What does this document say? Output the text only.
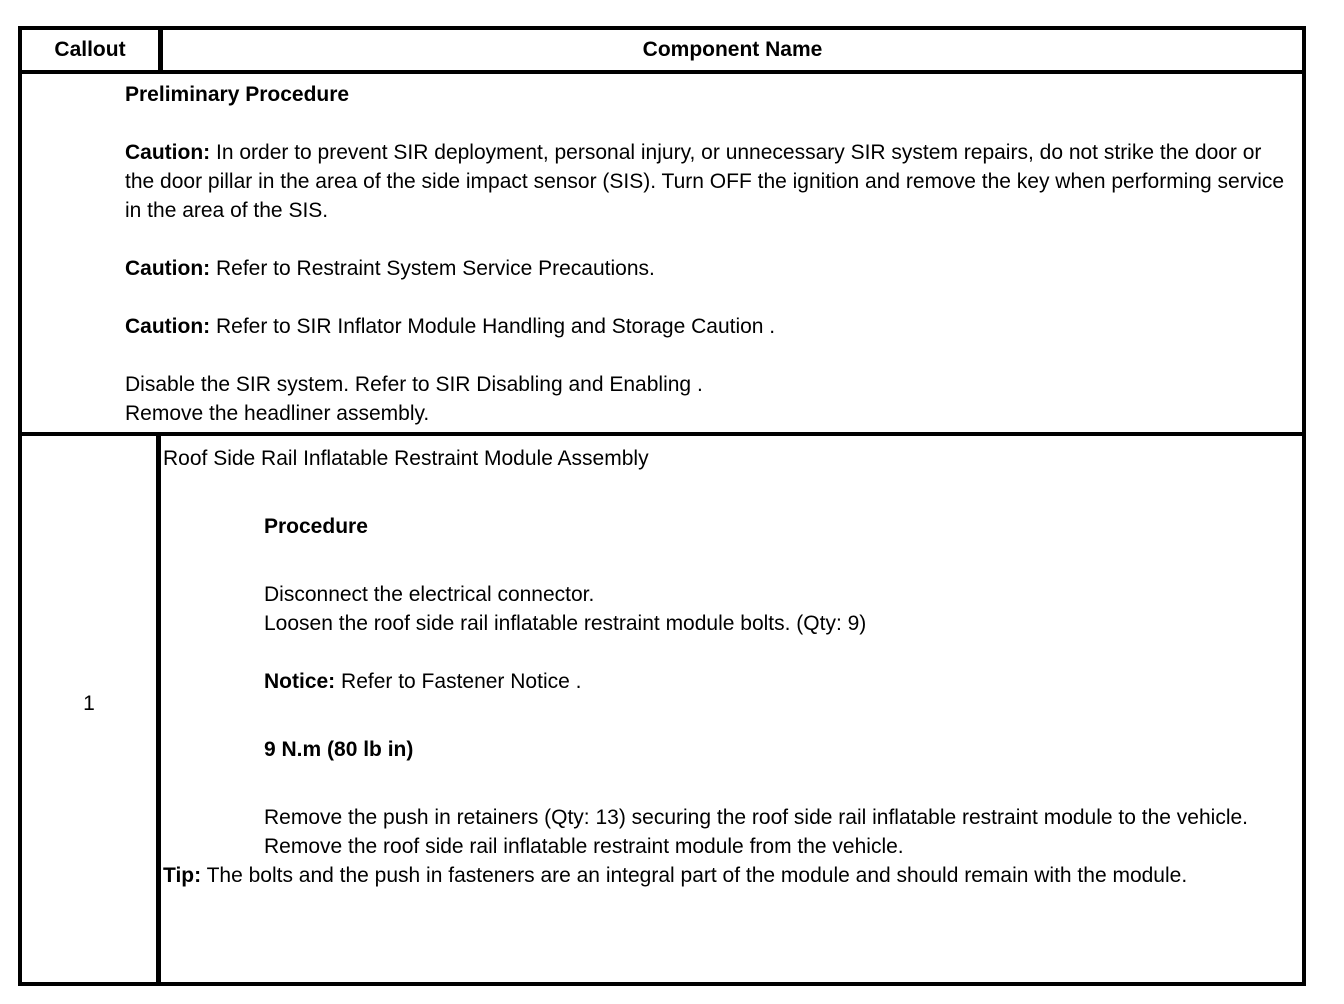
Callout	Component Name
Preliminary Procedure
Caution: In order to prevent SIR deployment, personal injury, or unnecessary SIR system repairs, do not strike the door or the door pillar in the area of the side impact sensor (SIS). Turn OFF the ignition and remove the key when performing service in the area of the SIS.
Caution: Refer to Restraint System Service Precautions.
Caution: Refer to SIR Inflator Module Handling and Storage Caution .
Disable the SIR system. Refer to SIR Disabling and Enabling .
Remove the headliner assembly.
1
Roof Side Rail Inflatable Restraint Module Assembly
Procedure
Disconnect the electrical connector.
Loosen the roof side rail inflatable restraint module bolts. (Qty: 9)
Notice: Refer to Fastener Notice .
9 N.m (80 lb in)
Remove the push in retainers (Qty: 13) securing the roof side rail inflatable restraint module to the vehicle.
Remove the roof side rail inflatable restraint module from the vehicle.
Tip: The bolts and the push in fasteners are an integral part of the module and should remain with the module.
